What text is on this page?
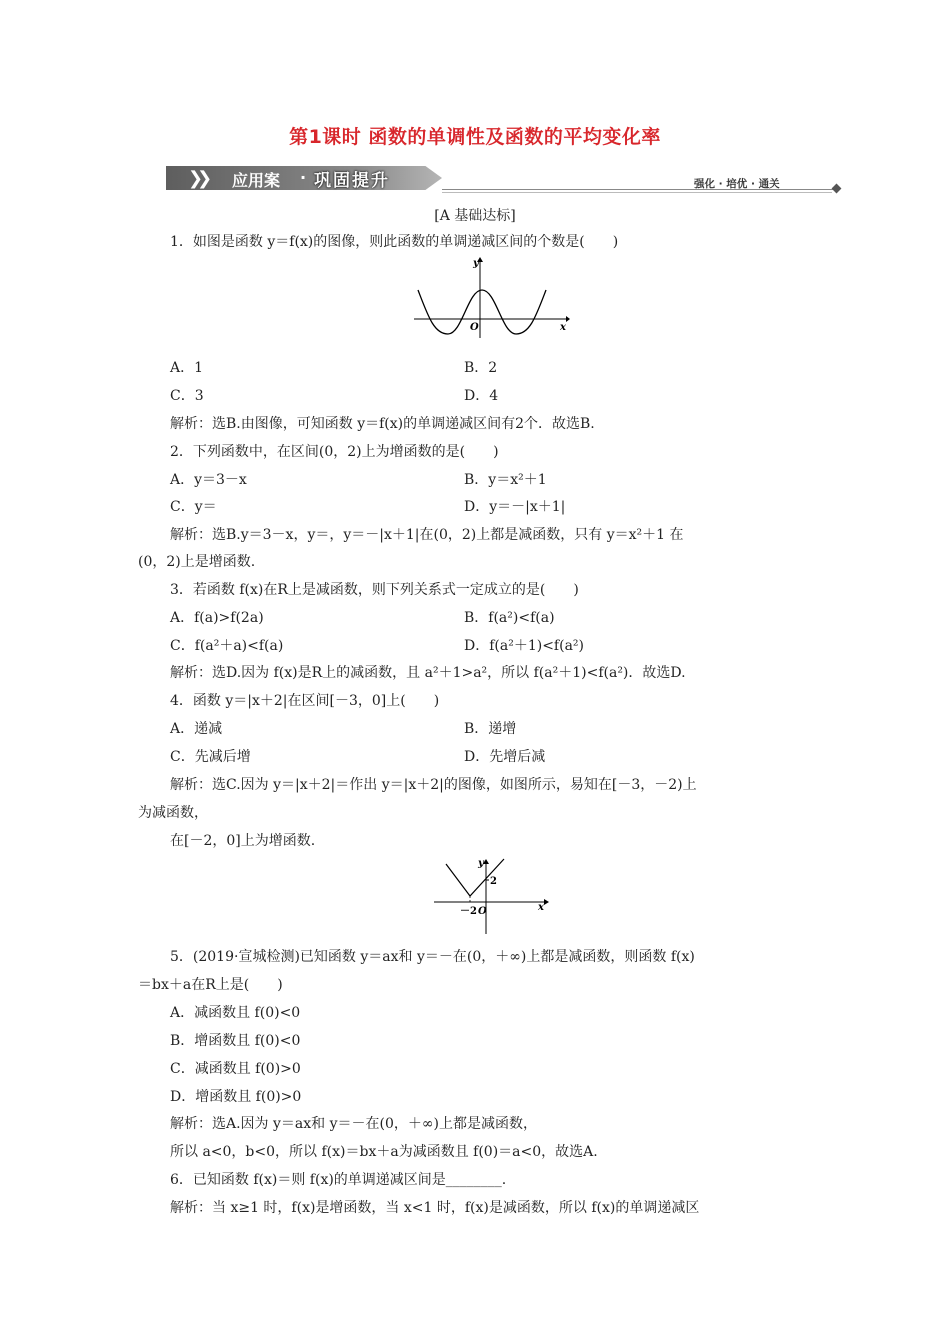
第1课时 函数的单调性及函数的平均变化率
❯❯ 应用案 · 巩固提升	强化 · 培优 · 通关
[A 基础达标]
1．如图是函数 y＝f(x)的图像，则此函数的单调递减区间的个数是(　　)
y
O	x
A．1	B．2
C．3	D．4
解析：选B.由图像，可知函数 y＝f(x)的单调递减区间有2个．故选B.
2．下列函数中，在区间(0，2)上为增函数的是(　　)
A．y＝3－x	B．y＝x²＋1
C．y＝	D．y＝－|x＋1|
解析：选B.y＝3－x，y＝，y＝－|x＋1|在(0，2)上都是减函数，只有 y＝x²＋1 在
(0，2)上是增函数.
3．若函数 f(x)在R上是减函数，则下列关系式一定成立的是(　　)
A．f(a)>f(2a)	B．f(a²)<f(a)
C．f(a²＋a)<f(a)	D．f(a²＋1)<f(a²)
解析：选D.因为 f(x)是R上的减函数，且 a²＋1>a²，所以 f(a²＋1)<f(a²)．故选D.
4．函数 y＝|x＋2|在区间[－3，0]上(　　)
A．递减	B．递增
C．先减后增	D．先增后减
解析：选C.因为 y＝|x＋2|＝作出 y＝|x＋2|的图像，如图所示，易知在[－3，－2)上
为减函数，
在[－2，0]上为增函数.
y
2
－2 O	x
5．(2019·宣城检测)已知函数 y＝ax和 y＝－在(0，＋∞)上都是减函数，则函数 f(x)
＝bx＋a在R上是(　　)
A．减函数且 f(0)<0
B．增函数且 f(0)<0
C．减函数且 f(0)>0
D．增函数且 f(0)>0
解析：选A.因为 y＝ax和 y＝－在(0，＋∞)上都是减函数，
所以 a<0，b<0，所以 f(x)＝bx＋a为减函数且 f(0)＝a<0，故选A.
6．已知函数 f(x)＝则 f(x)的单调递减区间是________.
解析：当 x≥1 时，f(x)是增函数，当 x<1 时，f(x)是减函数，所以 f(x)的单调递减区
